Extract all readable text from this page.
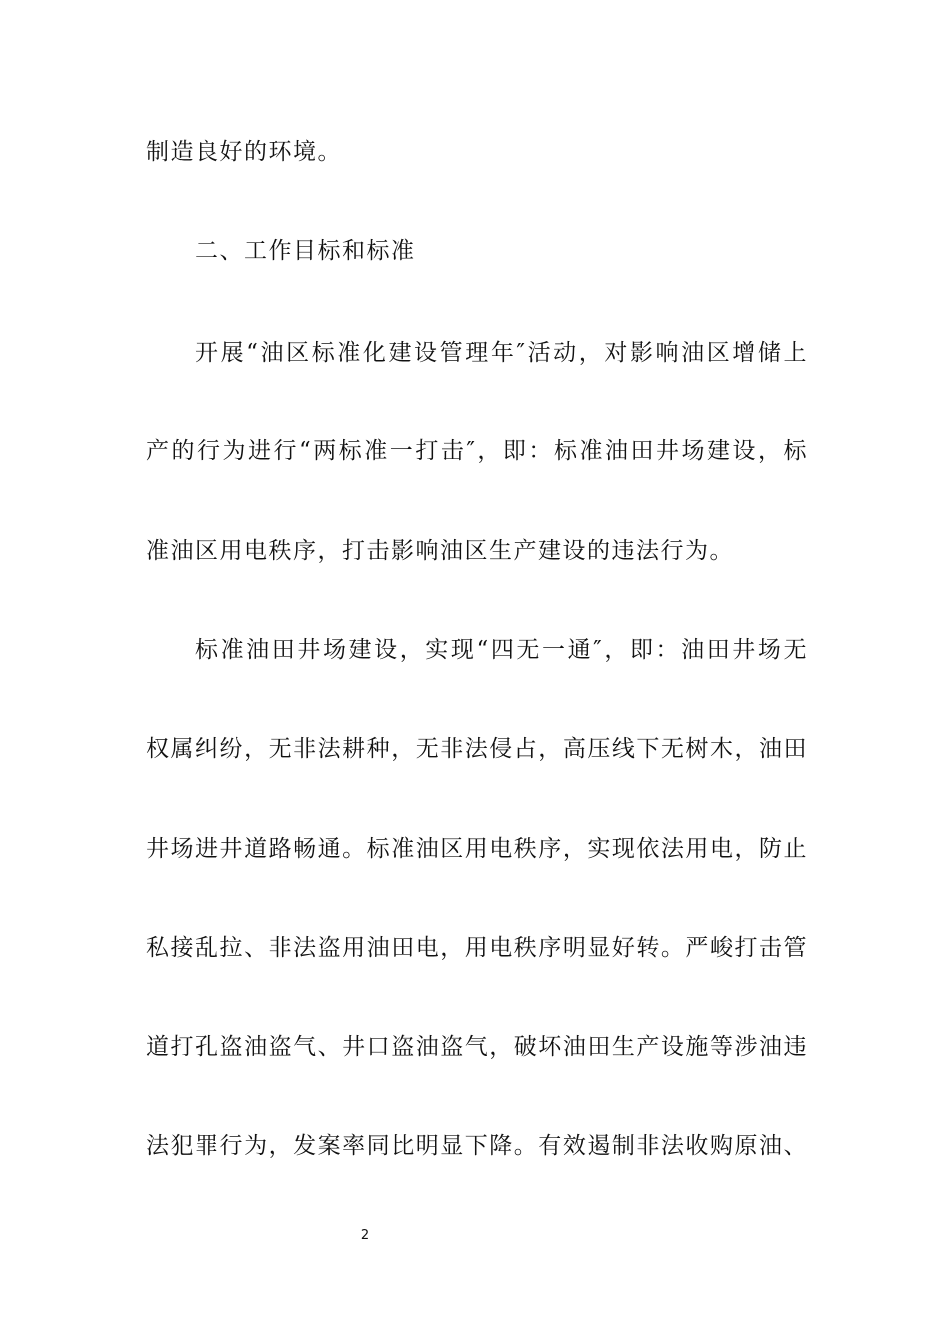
制造良好的环境。
二、工作目标和标准
开展“油区标准化建设管理年″活动，对影响油区增储上
产的行为进行“两标准一打击″，即：标准油田井场建设，标
准油区用电秩序，打击影响油区生产建设的违法行为。
标准油田井场建设，实现“四无一通″，即：油田井场无
权属纠纷，无非法耕种，无非法侵占，高压线下无树木，油田
井场进井道路畅通。标准油区用电秩序，实现依法用电，防止
私接乱拉、非法盗用油田电，用电秩序明显好转。严峻打击管
道打孔盗油盗气、井口盗油盗气，破坏油田生产设施等涉油违
法犯罪行为，发案率同比明显下降。有效遏制非法收购原油、
2
